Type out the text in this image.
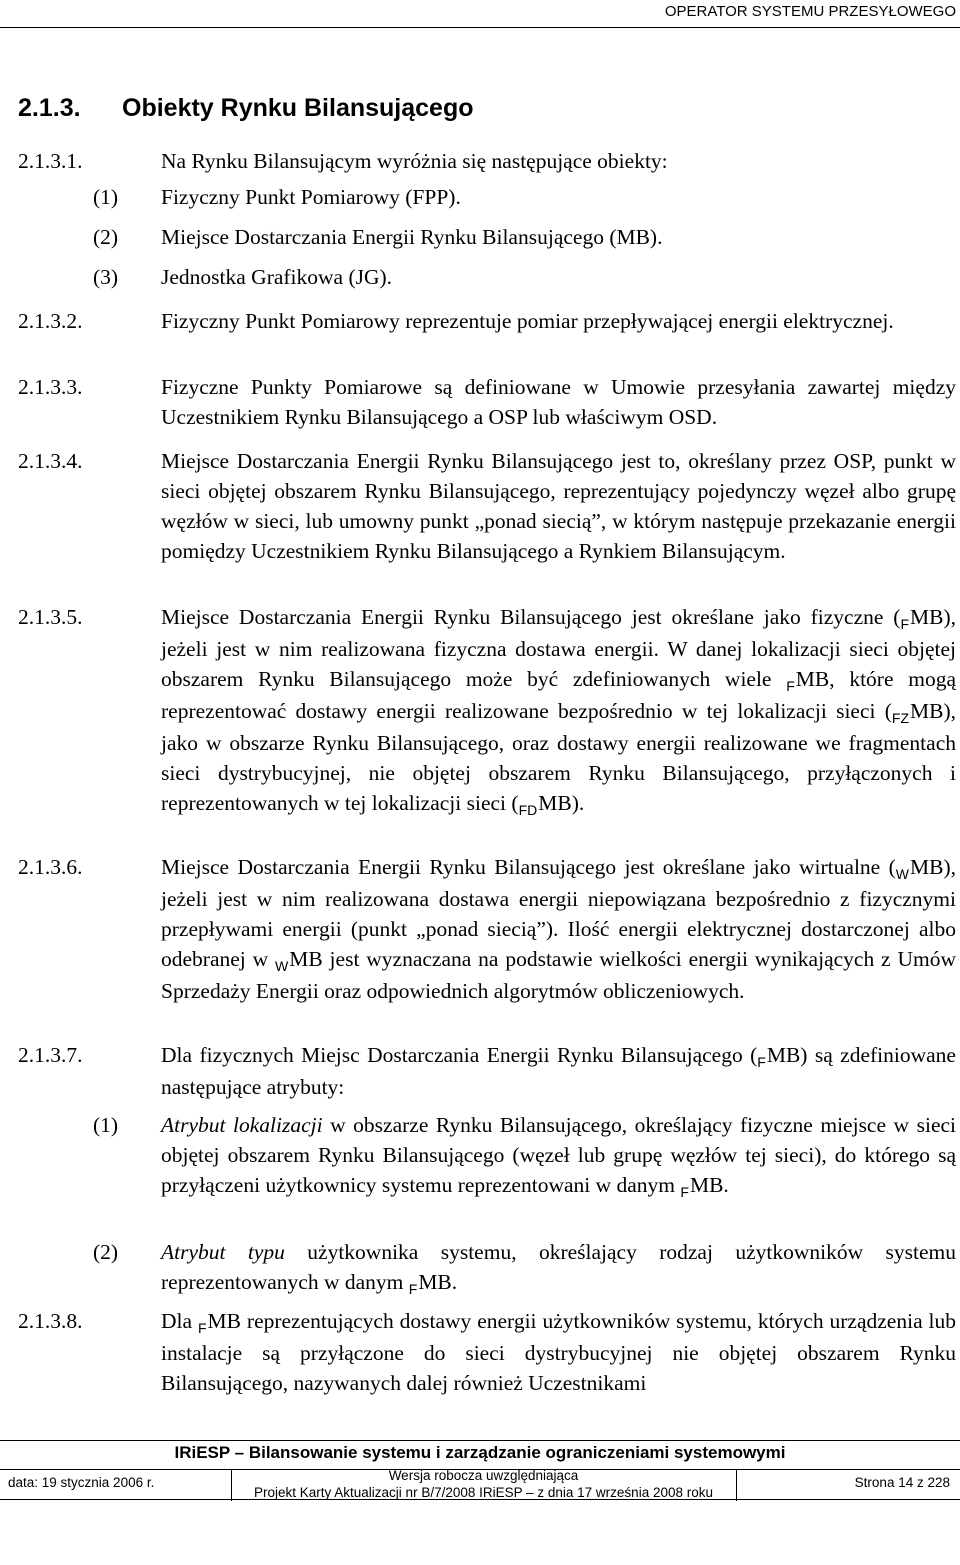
OPERATOR SYSTEMU PRZESYŁOWEGO
2.1.3. Obiekty Rynku Bilansującego
2.1.3.1.	Na Rynku Bilansującym wyróżnia się następujące obiekty:
(1) Fizyczny Punkt Pomiarowy (FPP).
(2) Miejsce Dostarczania Energii Rynku Bilansującego (MB).
(3) Jednostka Grafikowa (JG).
2.1.3.2.	Fizyczny Punkt Pomiarowy reprezentuje pomiar przepływającej energii elektrycznej.
2.1.3.3.	Fizyczne Punkty Pomiarowe są definiowane w Umowie przesyłania zawartej między Uczestnikiem Rynku Bilansującego a OSP lub właściwym OSD.
2.1.3.4.	Miejsce Dostarczania Energii Rynku Bilansującego jest to, określany przez OSP, punkt w sieci objętej obszarem Rynku Bilansującego, reprezentujący pojedynczy węzeł albo grupę węzłów w sieci, lub umowny punkt „ponad siecią”, w którym następuje przekazanie energii pomiędzy Uczestnikiem Rynku Bilansującego a Rynkiem Bilansującym.
2.1.3.5.	Miejsce Dostarczania Energii Rynku Bilansującego jest określane jako fizyczne $(_FMB)$, jeżeli jest w nim realizowana fizyczna dostawa energii. W danej lokalizacji sieci objętej obszarem Rynku Bilansującego może być zdefiniowanych wiele $_F$MB, które mogą reprezentować dostawy energii realizowane bezpośrednio w tej lokalizacji sieci $(_{FZ}MB)$, jako w obszarze Rynku Bilansującego, oraz dostawy energii realizowane we fragmentach sieci dystrybucyjnej, nie objętej obszarem Rynku Bilansującego, przyłączonych i reprezentowanych w tej lokalizacji sieci $(_{FD}MB)$.
2.1.3.6.	Miejsce Dostarczania Energii Rynku Bilansującego jest określane jako wirtualne $(_WMB)$, jeżeli jest w nim realizowana dostawa energii niepowiązana bezpośrednio z fizycznymi przepływami energii (punkt „ponad siecią”). Ilość energii elektrycznej dostarczonej albo odebranej w $_W$MB jest wyznaczana na podstawie wielkości energii wynikających z Umów Sprzedaży Energii oraz odpowiednich algorytmów obliczeniowych.
2.1.3.7.	Dla fizycznych Miejsc Dostarczania Energii Rynku Bilansującego $(_FMB)$ są zdefiniowane następujące atrybuty:
(1) Atrybut lokalizacji w obszarze Rynku Bilansującego, określający fizyczne miejsce w sieci objętej obszarem Rynku Bilansującego (węzeł lub grupę węzłów tej sieci), do którego są przyłączeni użytkownicy systemu reprezentowani w danym $_F$MB.
(2) Atrybut typu użytkownika systemu, określający rodzaj użytkowników systemu reprezentowanych w danym $_F$MB.
2.1.3.8.	Dla $_F$MB reprezentujących dostawy energii użytkowników systemu, których urządzenia lub instalacje są przyłączone do sieci dystrybucyjnej nie objętej obszarem Rynku Bilansującego, nazywanych dalej również Uczestnikami
IRiESP – Bilansowanie systemu i zarządzanie ograniczeniami systemowymi
data: 19 stycznia 2006 r.	Wersja robocza uwzględniająca
Projekt Karty Aktualizacji nr B/7/2008 IRiESP – z dnia 17 września 2008 roku
Strona 14 z 228
